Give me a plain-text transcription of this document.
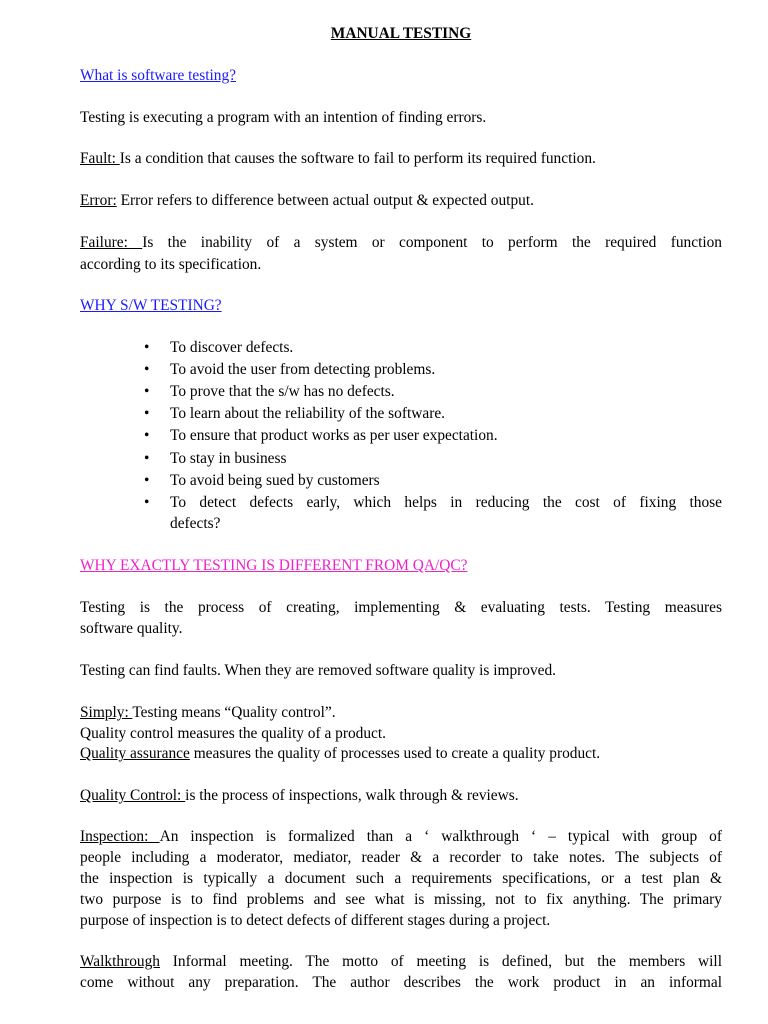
MANUAL TESTING
What is software testing?
Testing is executing a program with an intention of finding errors.
Fault: Is a condition that causes the software to fail to perform its required function.
Error: Error refers to difference between actual output & expected output.
Failure: Is the inability of a system or component to perform the required function
according to its specification.
WHY S/W TESTING?
• To discover defects.
• To avoid the user from detecting problems.
• To prove that the s/w has no defects.
• To learn about the reliability of the software.
• To ensure that product works as per user expectation.
• To stay in business
• To avoid being sued by customers
• To detect defects early, which helps in reducing the cost of fixing those
defects?
WHY EXACTLY TESTING IS DIFFERENT FROM QA/QC?
Testing is the process of creating, implementing & evaluating tests. Testing measures
software quality.
Testing can find faults. When they are removed software quality is improved.
Simply: Testing means “Quality control”.
Quality control measures the quality of a product.
Quality assurance measures the quality of processes used to create a quality product.
Quality Control: is the process of inspections, walk through & reviews.
Inspection: An inspection is formalized than a ‘ walkthrough ‘ – typical with group of
people including a moderator, mediator, reader & a recorder to take notes. The subjects of
the inspection is typically a document such a requirements specifications, or a test plan &
two purpose is to find problems and see what is missing, not to fix anything. The primary
purpose of inspection is to detect defects of different stages during a project.
Walkthrough Informal meeting. The motto of meeting is defined, but the members will
come without any preparation. The author describes the work product in an informal
